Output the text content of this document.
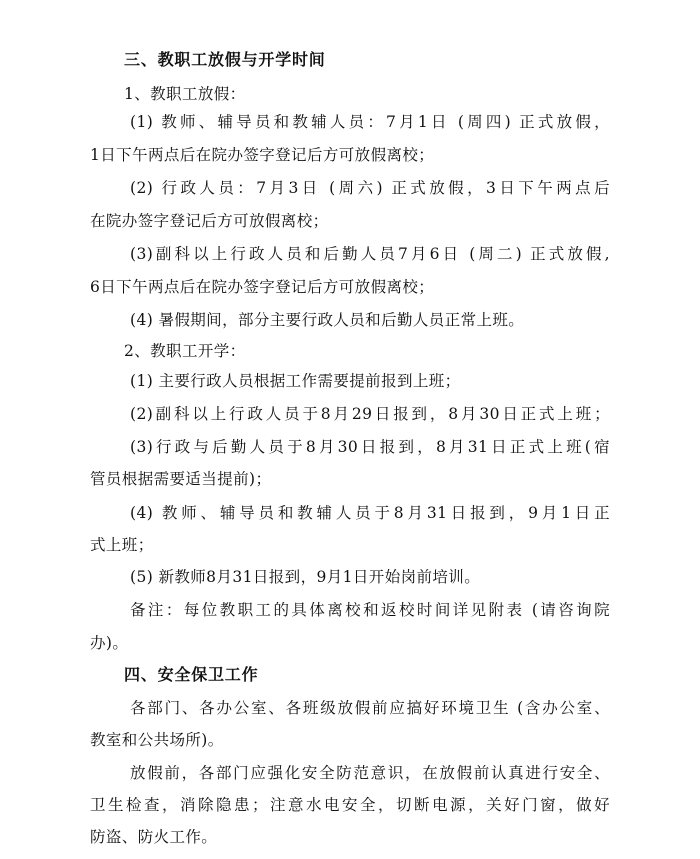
三、教职工放假与开学时间
1、教职工放假：
(1) 教师、辅导员和教辅人员：7月1日 (周四) 正式放假，
1日下午两点后在院办签字登记后方可放假离校；
(2) 行政人员：7月3日 (周六) 正式放假，3日下午两点后
在院办签字登记后方可放假离校；
(3)副科以上行政人员和后勤人员7月6日 (周二) 正式放假,
6日下午两点后在院办签字登记后方可放假离校；
(4) 暑假期间，部分主要行政人员和后勤人员正常上班。
2、教职工开学：
(1) 主要行政人员根据工作需要提前报到上班；
(2)副科以上行政人员于8月29日报到，8月30日正式上班；
(3)行政与后勤人员于8月30日报到，8月31日正式上班(宿
管员根据需要适当提前)；
(4) 教师、辅导员和教辅人员于8月31日报到，9月1日正
式上班；
(5) 新教师8月31日报到，9月1日开始岗前培训。
备注：每位教职工的具体离校和返校时间详见附表 (请咨询院
办)。
四、安全保卫工作
各部门、各办公室、各班级放假前应搞好环境卫生 (含办公室、
教室和公共场所)。
放假前，各部门应强化安全防范意识，在放假前认真进行安全、
卫生检查，消除隐患；注意水电安全，切断电源，关好门窗，做好
防盗、防火工作。
